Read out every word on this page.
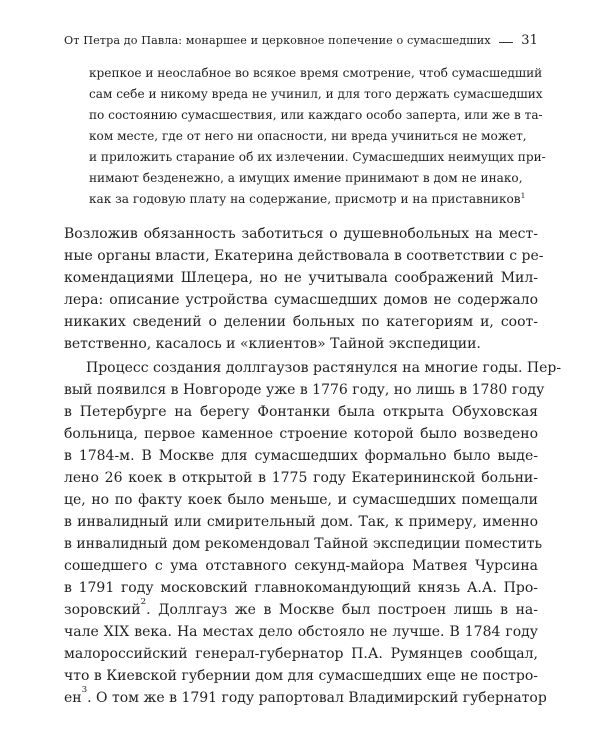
От Петра до Павла: монаршее и церковное попечение о сумасшедших 31
крепкое и неослабное во всякое время смотрение, чтоб сумасшедший
сам себе и никому вреда не учинил, и для того держать сумасшедших
по состоянию сумасшествия, или каждаго особо заперта, или же в та-
ком месте, где от него ни опасности, ни вреда учиниться не может,
и приложить старание об их излечении. Сумасшедших неимущих при-
нимают безденежно, а имущих имение принимают в дом не инако,
как за годовую плату на содержание, присмотр и на приставников$^1$
Возложив обязанность заботиться о душевнобольных на мест-
ные органы власти, Екатерина действовала в соответствии с ре-
комендациями Шлецера, но не учитывала соображений Мил-
лера: описание устройства сумасшедших домов не содержало
никаких сведений о делении больных по категориям и, соот-
ветственно, касалось и «клиентов» Тайной экспедиции.
Процесс создания доллгаузов растянулся на многие годы. Пер-
вый появился в Новгороде уже в 1776 году, но лишь в 1780 году
в Петербурге на берегу Фонтанки была открыта Обуховская
больница, первое каменное строение которой было возведено
в 1784-м. В Москве для сумасшедших формально было выде-
лено 26 коек в открытой в 1775 году Екатерининской больни-
це, но по факту коек было меньше, и сумасшедших помещали
в инвалидный или смирительный дом. Так, к примеру, именно
в инвалидный дом рекомендовал Тайной экспедиции поместить
сошедшего с ума отставного секунд-майора Матвея Чурсина
в 1791 году московский главнокомандующий князь А.А. Про-
зоровский 2 . Доллгауз же в Москве был построен лишь в на-
чале XIX века. На местах дело обстояло не лучше. В 1784 году
малороссийский генерал-губернатор П.А. Румянцев сообщал,
что в Киевской губернии дом для сумасшедших еще не постро-
ен 3 . О том же в 1791 году рапортовал Владимирский губернатор
